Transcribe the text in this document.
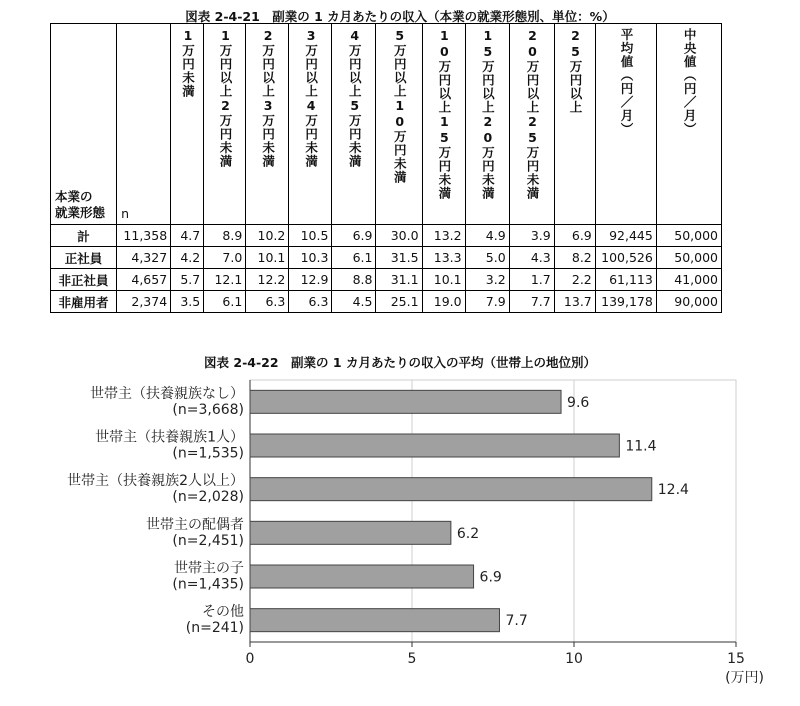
図表 2-4-21　副業の 1 カ月あたりの収入（本業の就業形態別、単位：%）
本業の
就業形態	n	1万円未満	1万円以上2万円未満	2万円以上3万円未満	3万円以上4万円未満	4万円以上5万円未満	5万円以上10万円未満	10万円以上15万円未満	15万円以上20万円未満	20万円以上25万円未満	25万円以上	平均値（円／月）	中央値（円／月）

計	11,358	4.7	8.9	10.2	10.5	6.9	30.0	13.2	4.9	3.9	6.9	92,445	50,000
正社員	4,327	4.2	7.0	10.1	10.3	6.1	31.5	13.3	5.0	4.3	8.2	100,526	50,000
非正社員	4,657	5.7	12.1	12.2	12.9	8.8	31.1	10.1	3.2	1.7	2.2	61,113	41,000
非雇用者	2,374	3.5	6.1	6.3	6.3	4.5	25.1	19.0	7.9	7.7	13.7	139,178	90,000
図表 2-4-22　副業の 1 カ月あたりの収入の平均（世帯上の地位別）
0	5	10	15
(万円)
9.6
世帯主（扶養親族なし）
(n=3,668)
11.4
世帯主（扶養親族1人）
(n=1,535)
12.4
世帯主（扶養親族2人以上）
(n=2,028)
6.2
世帯主の配偶者
(n=2,451)
6.9
世帯主の子
(n=1,435)
7.7
その他
(n=241)
